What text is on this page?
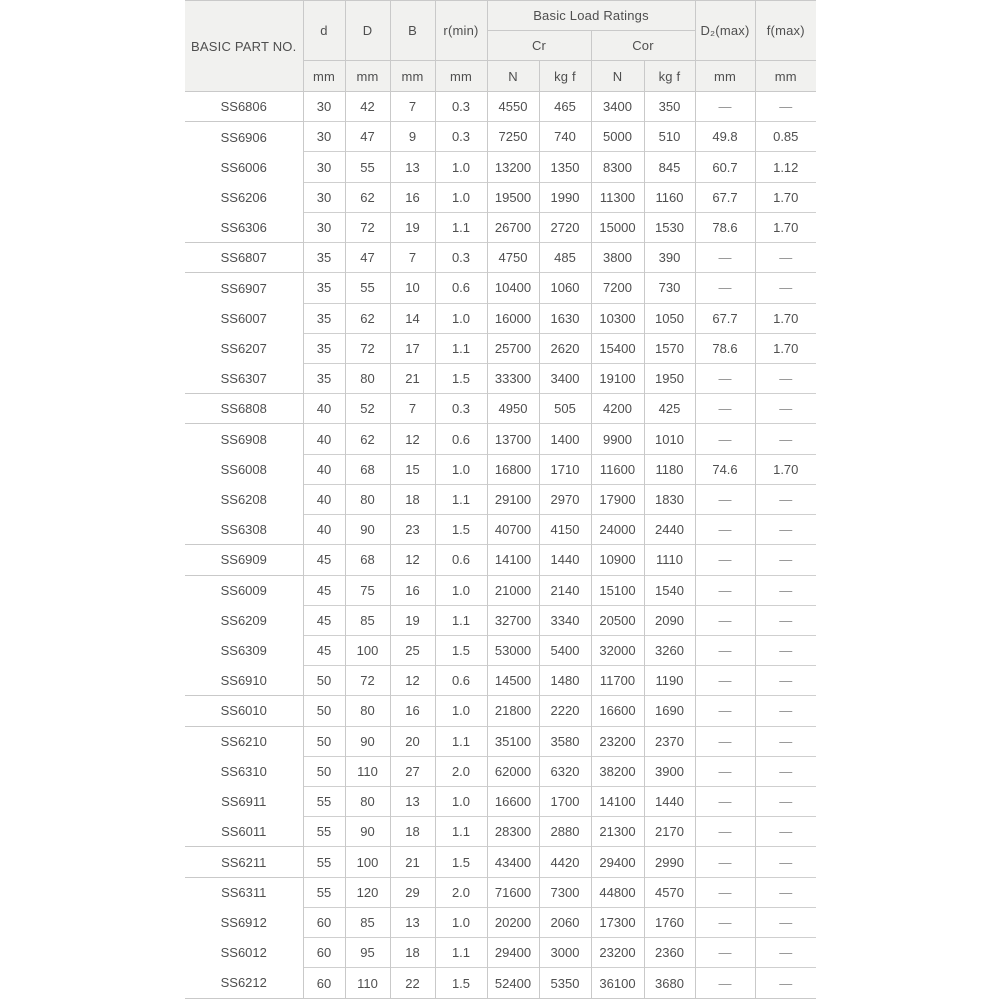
BASIC PART NO.	d	D	B	r(min)	Basic Load Ratings				D₂(max)	f(max)
					Cr		Cor			
	mm	mm	mm	mm	N	kg f	N	kg f	mm	mm
SS6806	30	42	7	0.3	4550	465	3400	350	—	—
SS6906	30	47	9	0.3	7250	740	5000	510	49.8	0.85
SS6006	30	55	13	1.0	13200	1350	8300	845	60.7	1.12
SS6206	30	62	16	1.0	19500	1990	11300	1160	67.7	1.70
SS6306	30	72	19	1.1	26700	2720	15000	1530	78.6	1.70
SS6807	35	47	7	0.3	4750	485	3800	390	—	—
SS6907	35	55	10	0.6	10400	1060	7200	730	—	—
SS6007	35	62	14	1.0	16000	1630	10300	1050	67.7	1.70
SS6207	35	72	17	1.1	25700	2620	15400	1570	78.6	1.70
SS6307	35	80	21	1.5	33300	3400	19100	1950	—	—
SS6808	40	52	7	0.3	4950	505	4200	425	—	—
SS6908	40	62	12	0.6	13700	1400	9900	1010	—	—
SS6008	40	68	15	1.0	16800	1710	11600	1180	74.6	1.70
SS6208	40	80	18	1.1	29100	2970	17900	1830	—	—
SS6308	40	90	23	1.5	40700	4150	24000	2440	—	—
SS6909	45	68	12	0.6	14100	1440	10900	1110	—	—
SS6009	45	75	16	1.0	21000	2140	15100	1540	—	—
SS6209	45	85	19	1.1	32700	3340	20500	2090	—	—
SS6309	45	100	25	1.5	53000	5400	32000	3260	—	—
SS6910	50	72	12	0.6	14500	1480	11700	1190	—	—
SS6010	50	80	16	1.0	21800	2220	16600	1690	—	—
SS6210	50	90	20	1.1	35100	3580	23200	2370	—	—
SS6310	50	110	27	2.0	62000	6320	38200	3900	—	—
SS6911	55	80	13	1.0	16600	1700	14100	1440	—	—
SS6011	55	90	18	1.1	28300	2880	21300	2170	—	—
SS6211	55	100	21	1.5	43400	4420	29400	2990	—	—
SS6311	55	120	29	2.0	71600	7300	44800	4570	—	—
SS6912	60	85	13	1.0	20200	2060	17300	1760	—	—
SS6012	60	95	18	1.1	29400	3000	23200	2360	—	—
SS6212	60	110	22	1.5	52400	5350	36100	3680	—	—
